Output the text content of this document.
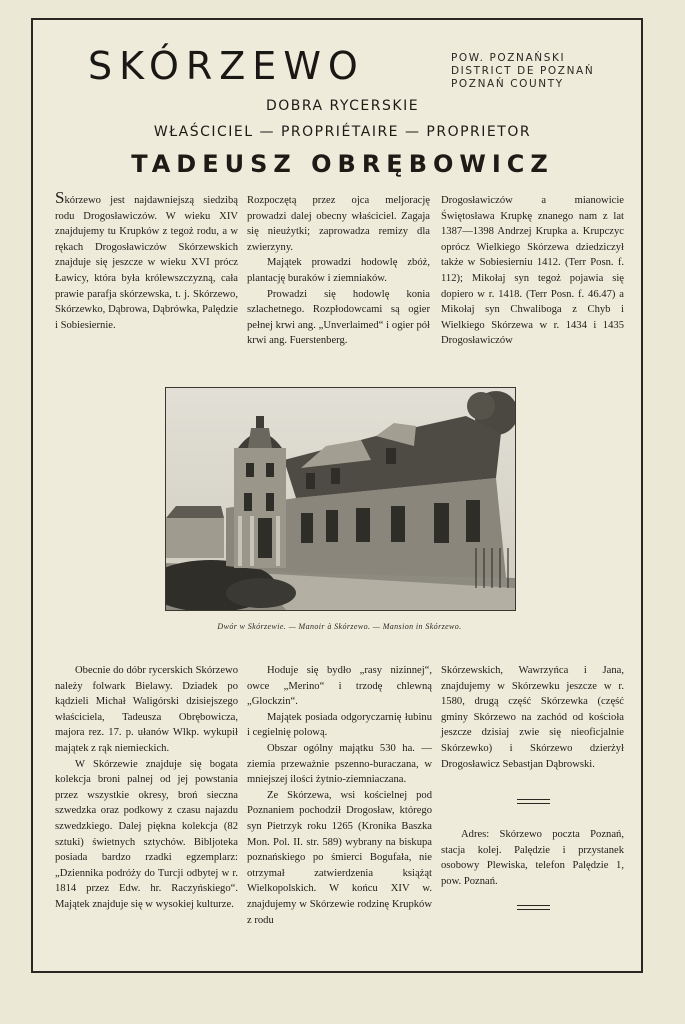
SKÓRZEWO	POW. POZNAŃSKI
DISTRICT DE POZNAŃ
POZNAŃ COUNTY
DOBRA RYCERSKIE
WŁAŚCICIEL — PROPRIÉTAIRE — PROPRIETOR
TADEUSZ OBRĘBOWICZ

Skórzewo jest najdawniejszą siedzibą rodu Drogosławiczów. W wieku XIV znajdujemy tu Krupków z tegoż rodu, a w rękach Drogosławiczów Skórzewskich znajduje się jeszcze w wieku XVI prócz Ławicy, która była królewszczyzną, cała prawie parafja skórzewska, t. j. Skórzewo, Skórzewko, Dąbrowa, Dąbrówka, Palędzie i Sobiesiernie.

Rozpoczętą przez ojca meljorację prowadzi dalej obecny właściciel. Zagaja się nieużytki; zaprowadza remizy dla zwierzyny.

Majątek prowadzi hodowlę zbóż, plantację buraków i ziemniaków.

Prowadzi się hodowlę konia szlachetnego. Rozpłodowcami są ogier pełnej krwi ang. „Unverlaimed“ i ogier pół krwi ang. Fuerstenberg.

Drogosławiczów a mianowicie Świętosława Krupkę znanego nam z lat 1387—1398 Andrzej Krupka a. Krupczyc oprócz Wielkiego Skórzewa dziedziczył także w Sobiesierniu 1412. (Terr Posn. f. 112); Mikołaj syn tegoż pojawia się dopiero w r. 1418. (Terr Posn. f. 46.47) a Mikołaj syn Chwaliboga z Chyb i Wielkiego Skórzewa w r. 1434 i 1435 Drogosławiczów

Dwór w Skórzewie. — Manoir à Skórzewo. — Mansion in Skórzewo.

Obecnie do dóbr rycerskich Skórzewo należy folwark Bielawy. Dziadek po kądzieli Michał Waligórski dzisiejszego właściciela, Tadeusza Obrębowicza, majora rez. 17. p. ułanów Wlkp. wykupił majątek z rąk niemieckich.

W Skórzewie znajduje się bogata kolekcja broni palnej od jej powstania przez wszystkie okresy, broń sieczna szwedzka oraz podkowy z czasu najazdu szwedzkiego. Dalej piękna kolekcja (82 sztuki) świetnych sztychów. Bibljoteka posiada bardzo rzadki egzemplarz: „Dziennika podróży do Turcji odbytej w r. 1814 przez Edw. hr. Raczyńskiego“. Majątek znajduje się w wysokiej kulturze.

Hoduje się bydło „rasy nizinnej“, owce „Merino“ i trzodę chlewną „Glockzin“.

Majątek posiada odgoryczarnię łubinu i cegielnię polową.

Obszar ogólny majątku 530 ha. — ziemia przeważnie pszenno-buraczana, w mniejszej ilości żytnio-ziemniaczana.

Ze Skórzewa, wsi kościelnej pod Poznaniem pochodził Drogosław, którego syn Pietrzyk roku 1265 (Kronika Baszka Mon. Pol. II. str. 589) wybrany na biskupa poznańskiego po śmierci Bogufała, nie otrzymał zatwierdzenia książąt Wielkopolskich. W końcu XIV w. znajdujemy w Skórzewie rodzinę Krupków z rodu

Skórzewskich, Wawrzyńca i Jana, znajdujemy w Skórzewku jeszcze w r. 1580, drugą część Skórzewka (część gminy Skórzewo na zachód od kościoła jeszcze dzisiaj zwie się nieoficjalnie Skórzewko) i Skórzewo dzierżył Drogosławicz Sebastjan Dąbrowski.

Adres: Skórzewo poczta Poznań, stacja kolej. Palędzie i przystanek osobowy Plewiska, telefon Palędzie 1, pow. Poznań.
